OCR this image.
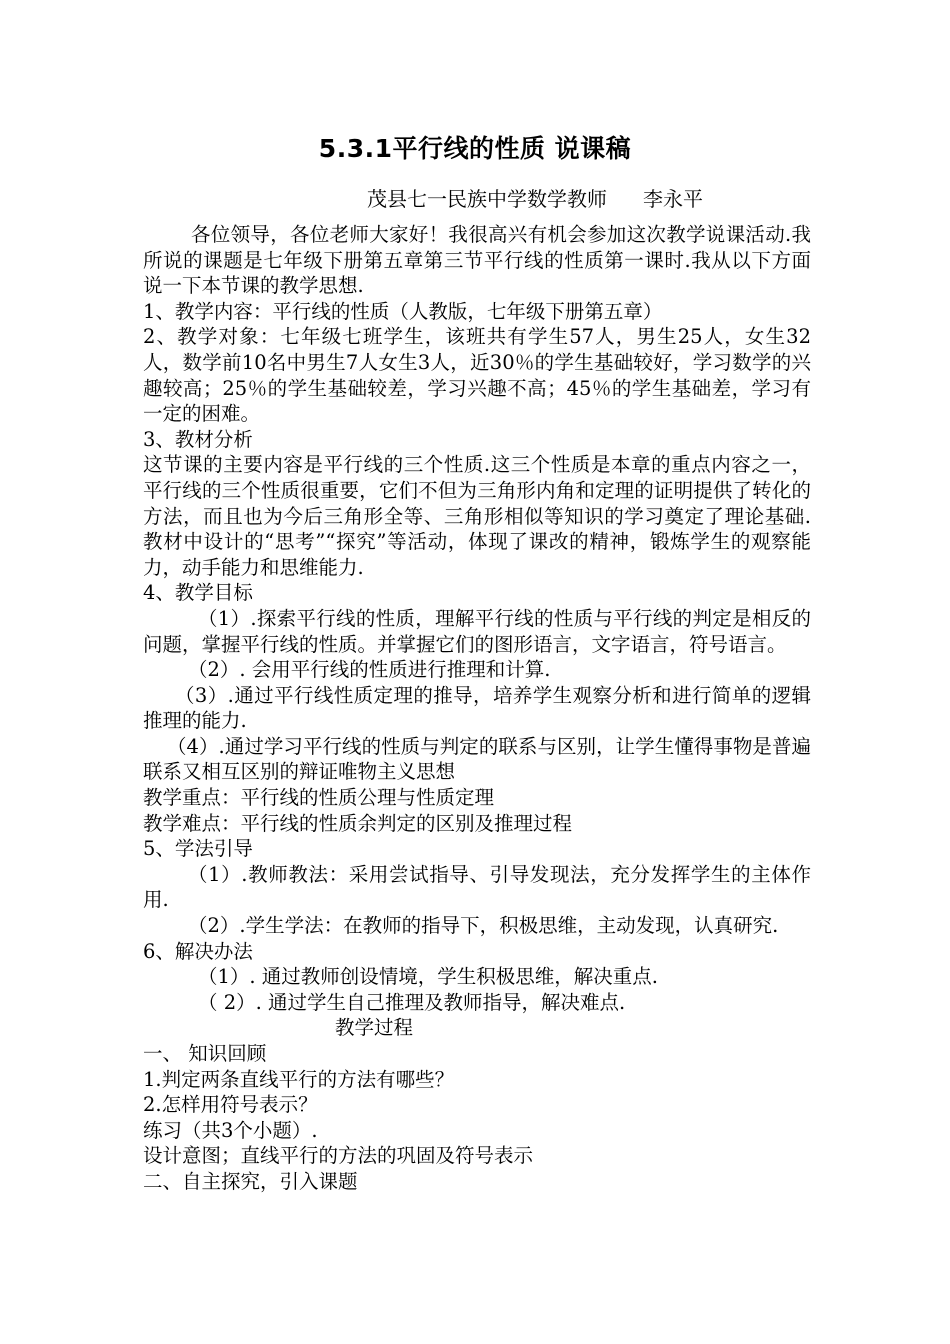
5.3.1平行线的性质 说课稿
茂县七一民族中学数学教师 李永平

各位领导，各位老师大家好！我很高兴有机会参加这次教学说课活动.我所说的课题是七年级下册第五章第三节平行线的性质第一课时.我从以下方面说一下本节课的教学思想.

1、教学内容：平行线的性质（人教版，七年级下册第五章）

2、教学对象：七年级七班学生，该班共有学生57人，男生25人，女生32人，数学前10名中男生7人女生3人，近30％的学生基础较好，学习数学的兴趣较高；25％的学生基础较差，学习兴趣不高；45％的学生基础差，学习有一定的困难。

3、教材分析

这节课的主要内容是平行线的三个性质.这三个性质是本章的重点内容之一，平行线的三个性质很重要，它们不但为三角形内角和定理的证明提供了转化的方法，而且也为今后三角形全等、三角形相似等知识的学习奠定了理论基础.教材中设计的“思考”“探究”等活动，体现了课改的精神，锻炼学生的观察能力，动手能力和思维能力.

4、教学目标

（1）.探索平行线的性质，理解平行线的性质与平行线的判定是相反的问题，掌握平行线的性质。并掌握它们的图形语言，文字语言，符号语言。

（2）. 会用平行线的性质进行推理和计算.

（3）.通过平行线性质定理的推导，培养学生观察分析和进行简单的逻辑推理的能力.

（4）.通过学习平行线的性质与判定的联系与区别，让学生懂得事物是普遍联系又相互区别的辩证唯物主义思想

教学重点：平行线的性质公理与性质定理

教学难点：平行线的性质余判定的区别及推理过程

5、学法引导

（1）.教师教法：采用尝试指导、引导发现法，充分发挥学生的主体作用.

（2）.学生学法：在教师的指导下，积极思维，主动发现，认真研究.

6、解决办法

（1）. 通过教师创设情境，学生积极思维，解决重点.

（ 2）. 通过学生自己推理及教师指导，解决难点.

教学过程

一、 知识回顾

1.判定两条直线平行的方法有哪些？

2.怎样用符号表示？

练习（共3个小题）.

设计意图；直线平行的方法的巩固及符号表示

二、自主探究，引入课题
